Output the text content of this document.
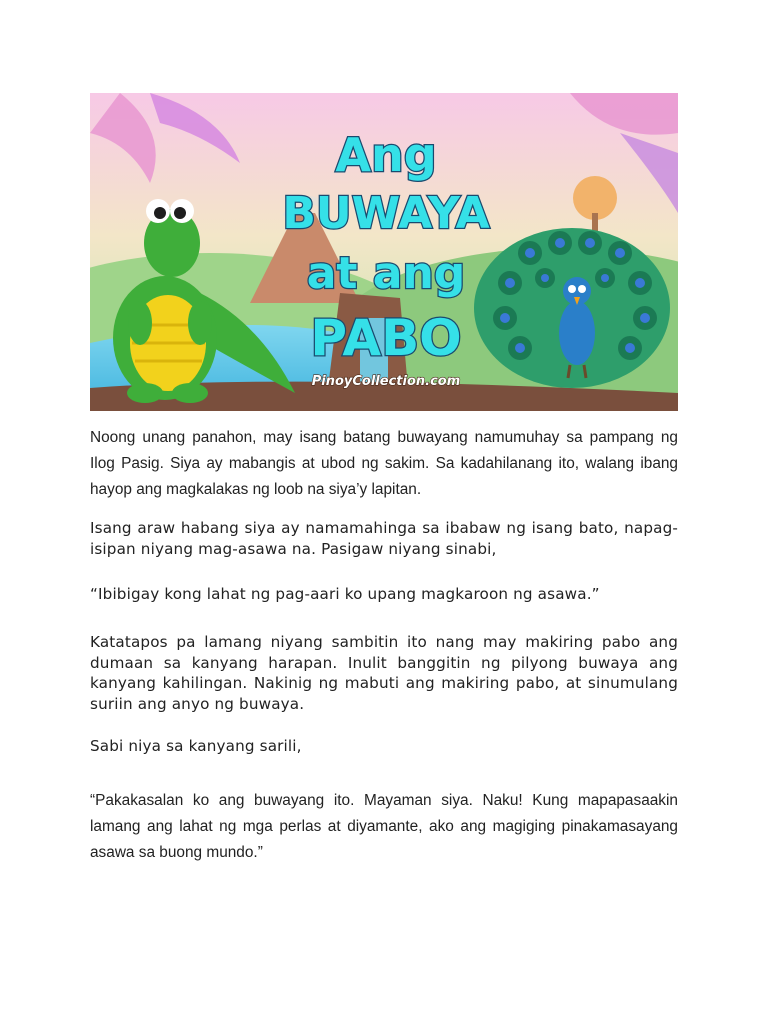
Ang
BUWAYA
at ang
PABO
PinoyCollection.com

Noong unang panahon, may isang batang buwayang namumuhay sa pampang ng Ilog Pasig. Siya ay mabangis at ubod ng sakim. Sa kadahilanang ito, walang ibang hayop ang magkalakas ng loob na siya’y lapitan.

Isang araw habang siya ay namamahinga sa ibabaw ng isang bato, napag-isipan niyang mag-asawa na. Pasigaw niyang sinabi,

“Ibibigay kong lahat ng pag-aari ko upang magkaroon ng asawa.”

Katatapos pa lamang niyang sambitin ito nang may makiring pabo ang dumaan sa kanyang harapan. Inulit banggitin ng pilyong buwaya ang kanyang kahilingan. Nakinig ng mabuti ang makiring pabo, at sinumulang suriin ang anyo ng buwaya.

Sabi niya sa kanyang sarili,

“Pakakasalan ko ang buwayang ito. Mayaman siya. Naku! Kung mapapasaakin lamang ang lahat ng mga perlas at diyamante, ako ang magiging pinakamasayang asawa sa buong mundo.”
